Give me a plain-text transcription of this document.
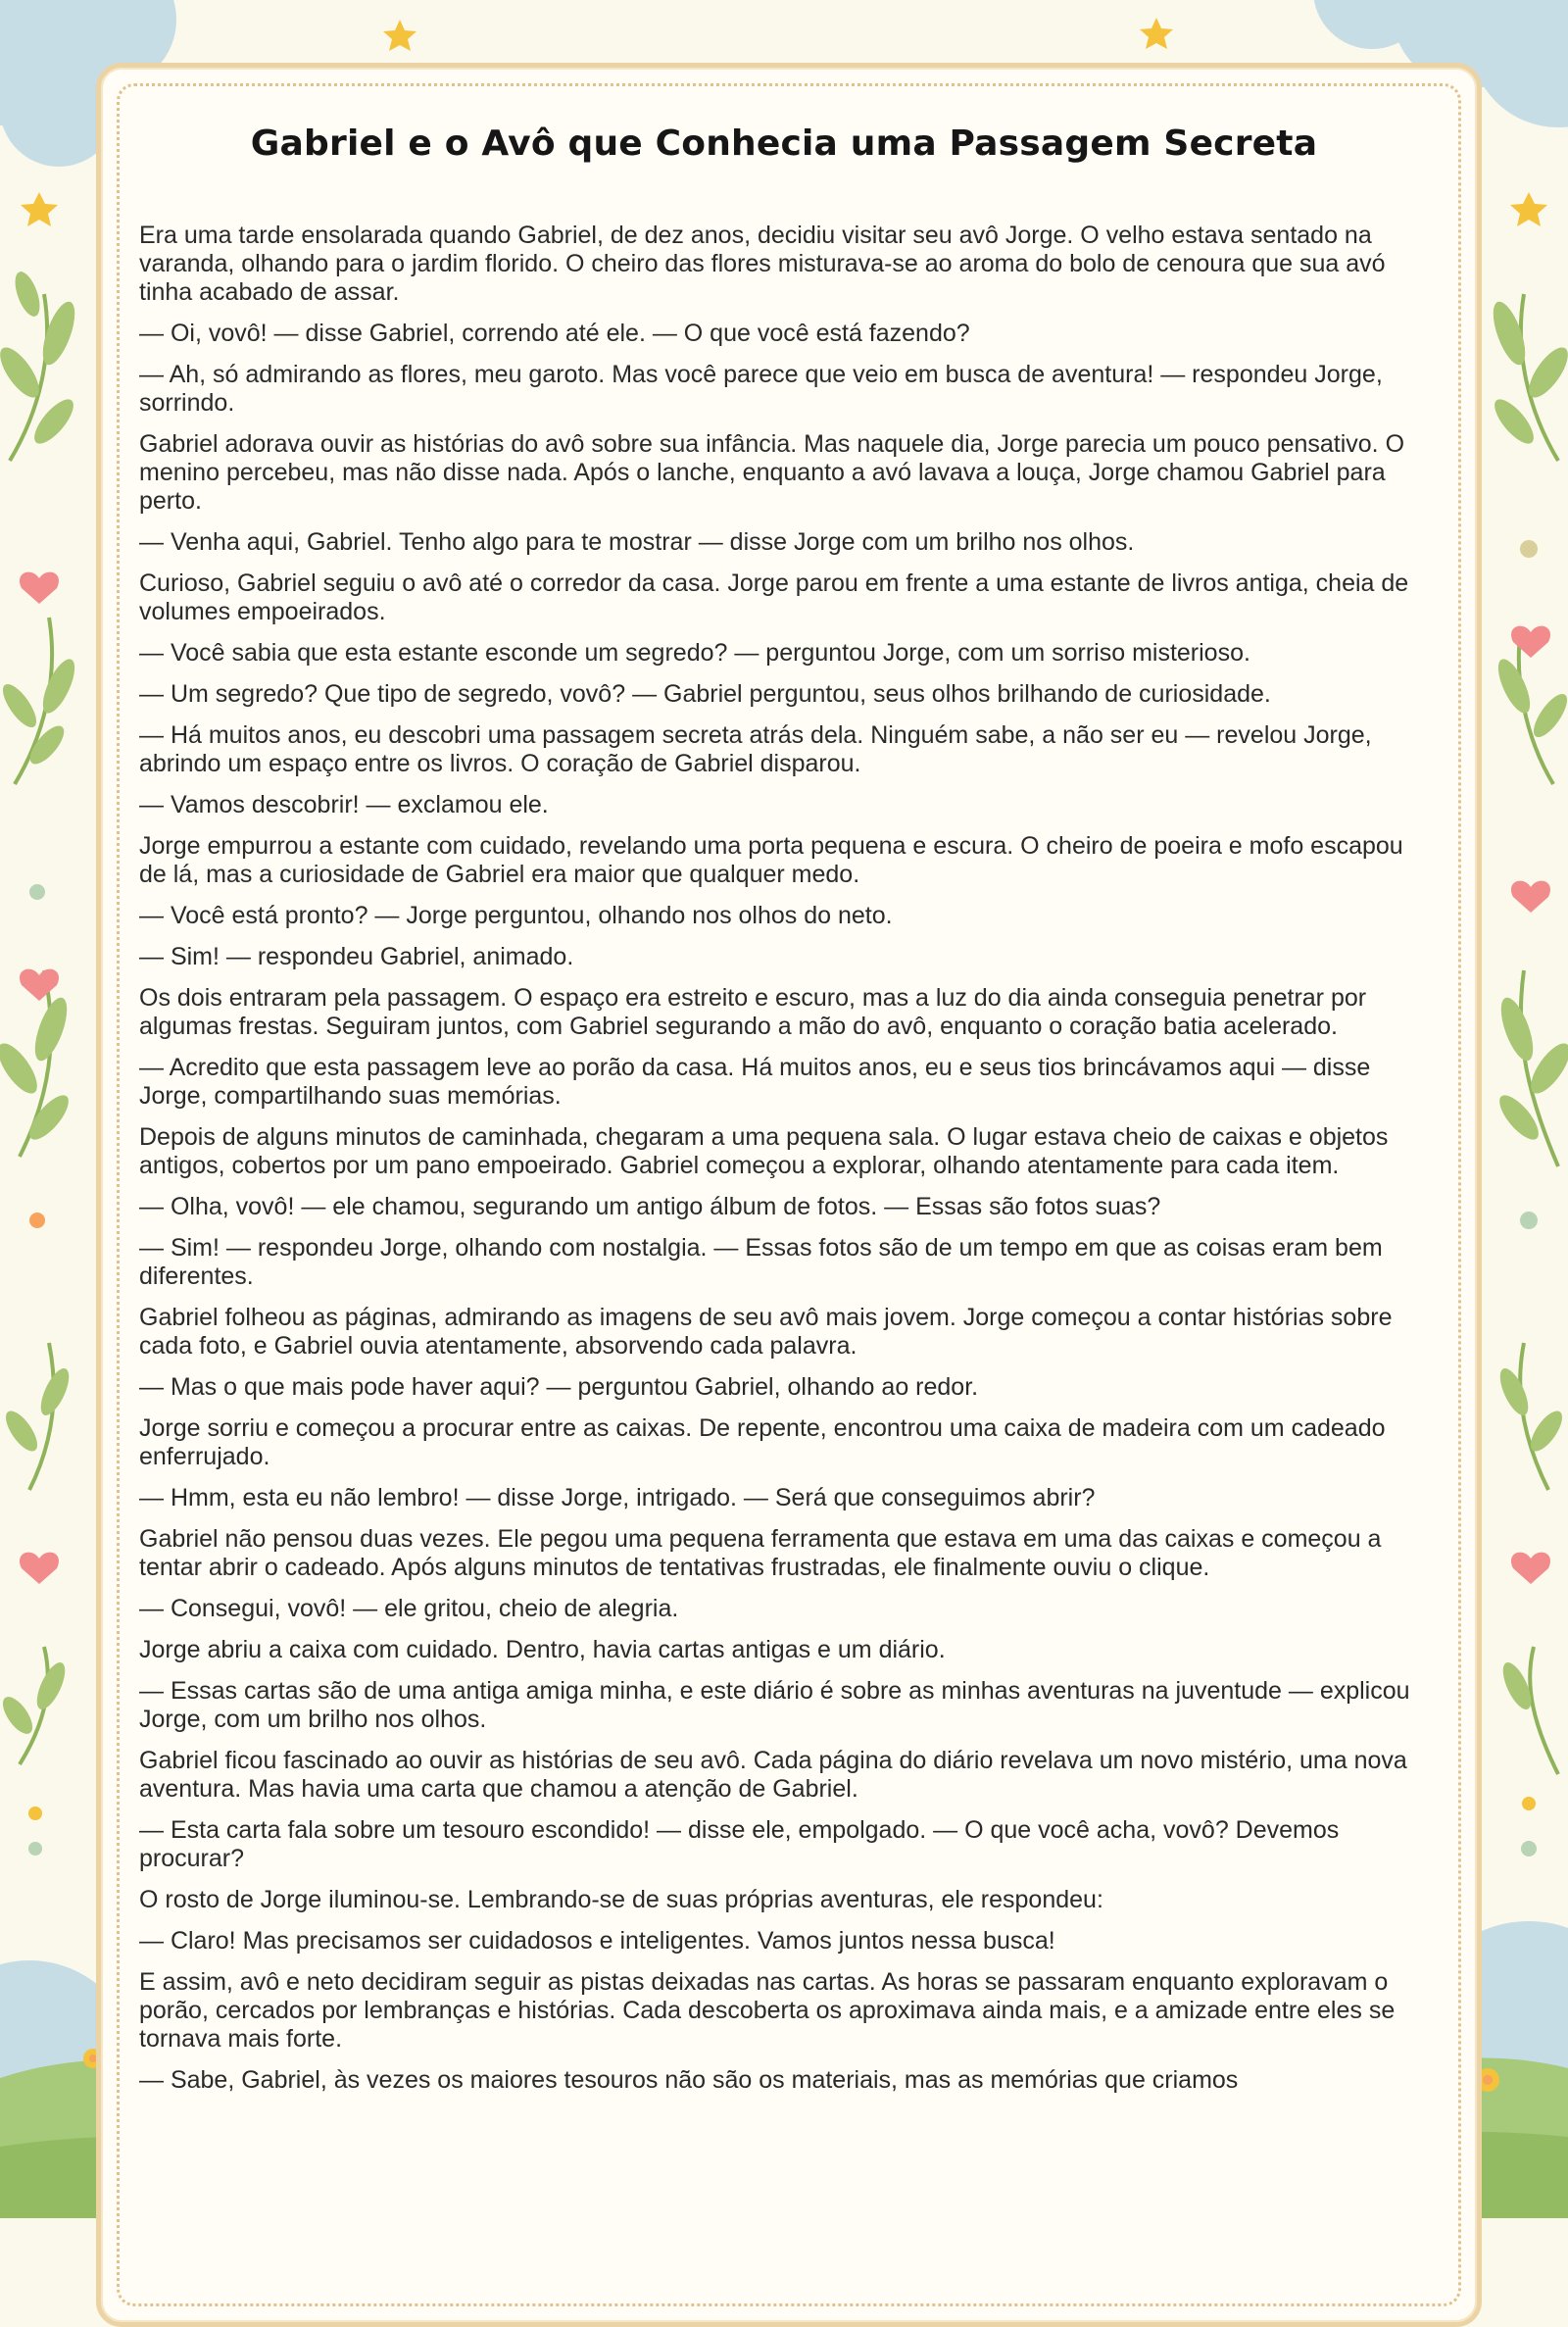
Gabriel e o Avô que Conhecia uma Passagem Secreta

Era uma tarde ensolarada quando Gabriel, de dez anos, decidiu visitar seu avô Jorge. O velho estava sentado na varanda, olhando para o jardim florido. O cheiro das flores misturava-se ao aroma do bolo de cenoura que sua avó tinha acabado de assar.

— Oi, vovô! — disse Gabriel, correndo até ele. — O que você está fazendo?

— Ah, só admirando as flores, meu garoto. Mas você parece que veio em busca de aventura! — respondeu Jorge, sorrindo.

Gabriel adorava ouvir as histórias do avô sobre sua infância. Mas naquele dia, Jorge parecia um pouco pensativo. O menino percebeu, mas não disse nada. Após o lanche, enquanto a avó lavava a louça, Jorge chamou Gabriel para perto.

— Venha aqui, Gabriel. Tenho algo para te mostrar — disse Jorge com um brilho nos olhos.

Curioso, Gabriel seguiu o avô até o corredor da casa. Jorge parou em frente a uma estante de livros antiga, cheia de volumes empoeirados.

— Você sabia que esta estante esconde um segredo? — perguntou Jorge, com um sorriso misterioso.

— Um segredo? Que tipo de segredo, vovô? — Gabriel perguntou, seus olhos brilhando de curiosidade.

— Há muitos anos, eu descobri uma passagem secreta atrás dela. Ninguém sabe, a não ser eu — revelou Jorge, abrindo um espaço entre os livros. O coração de Gabriel disparou.

— Vamos descobrir! — exclamou ele.

Jorge empurrou a estante com cuidado, revelando uma porta pequena e escura. O cheiro de poeira e mofo escapou de lá, mas a curiosidade de Gabriel era maior que qualquer medo.

— Você está pronto? — Jorge perguntou, olhando nos olhos do neto.

— Sim! — respondeu Gabriel, animado.

Os dois entraram pela passagem. O espaço era estreito e escuro, mas a luz do dia ainda conseguia penetrar por algumas frestas. Seguiram juntos, com Gabriel segurando a mão do avô, enquanto o coração batia acelerado.

— Acredito que esta passagem leve ao porão da casa. Há muitos anos, eu e seus tios brincávamos aqui — disse Jorge, compartilhando suas memórias.

Depois de alguns minutos de caminhada, chegaram a uma pequena sala. O lugar estava cheio de caixas e objetos antigos, cobertos por um pano empoeirado. Gabriel começou a explorar, olhando atentamente para cada item.

— Olha, vovô! — ele chamou, segurando um antigo álbum de fotos. — Essas são fotos suas?

— Sim! — respondeu Jorge, olhando com nostalgia. — Essas fotos são de um tempo em que as coisas eram bem diferentes.

Gabriel folheou as páginas, admirando as imagens de seu avô mais jovem. Jorge começou a contar histórias sobre cada foto, e Gabriel ouvia atentamente, absorvendo cada palavra.

— Mas o que mais pode haver aqui? — perguntou Gabriel, olhando ao redor.

Jorge sorriu e começou a procurar entre as caixas. De repente, encontrou uma caixa de madeira com um cadeado enferrujado.

— Hmm, esta eu não lembro! — disse Jorge, intrigado. — Será que conseguimos abrir?

Gabriel não pensou duas vezes. Ele pegou uma pequena ferramenta que estava em uma das caixas e começou a tentar abrir o cadeado. Após alguns minutos de tentativas frustradas, ele finalmente ouviu o clique.

— Consegui, vovô! — ele gritou, cheio de alegria.

Jorge abriu a caixa com cuidado. Dentro, havia cartas antigas e um diário.

— Essas cartas são de uma antiga amiga minha, e este diário é sobre as minhas aventuras na juventude — explicou Jorge, com um brilho nos olhos.

Gabriel ficou fascinado ao ouvir as histórias de seu avô. Cada página do diário revelava um novo mistério, uma nova aventura. Mas havia uma carta que chamou a atenção de Gabriel.

— Esta carta fala sobre um tesouro escondido! — disse ele, empolgado. — O que você acha, vovô? Devemos procurar?

O rosto de Jorge iluminou-se. Lembrando-se de suas próprias aventuras, ele respondeu:

— Claro! Mas precisamos ser cuidadosos e inteligentes. Vamos juntos nessa busca!

E assim, avô e neto decidiram seguir as pistas deixadas nas cartas. As horas se passaram enquanto exploravam o porão, cercados por lembranças e histórias. Cada descoberta os aproximava ainda mais, e a amizade entre eles se tornava mais forte.

— Sabe, Gabriel, às vezes os maiores tesouros não são os materiais, mas as memórias que criamos
